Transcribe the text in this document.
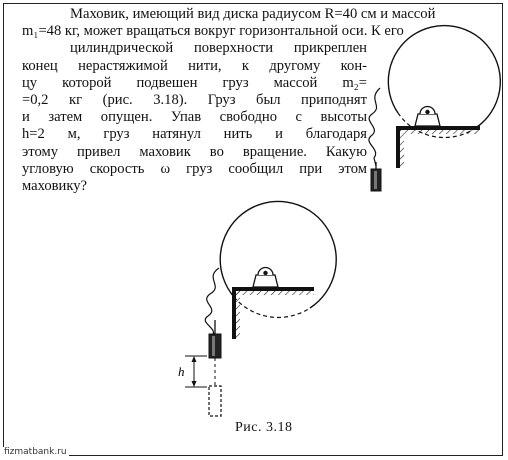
Маховик, имеющий вид диска радиусом R=40 см и массой
m₁=48 кг, может вращаться вокруг горизонтальной оси. К его
цилиндрической поверхности прикреплен
конец нерастяжимой нити, к другому кон-
цу которой подвешен груз массой m₂=
=0,2 кг (рис. 3.18). Груз был приподнят
и затем опущен. Упав свободно с высоты
h=2 м, груз натянул нить и благодаря
этому привел маховик во вращение. Какую
угловую скорость ω груз сообщил при этом
маховику?
h
Рис. 3.18
fizmatbank.ru
